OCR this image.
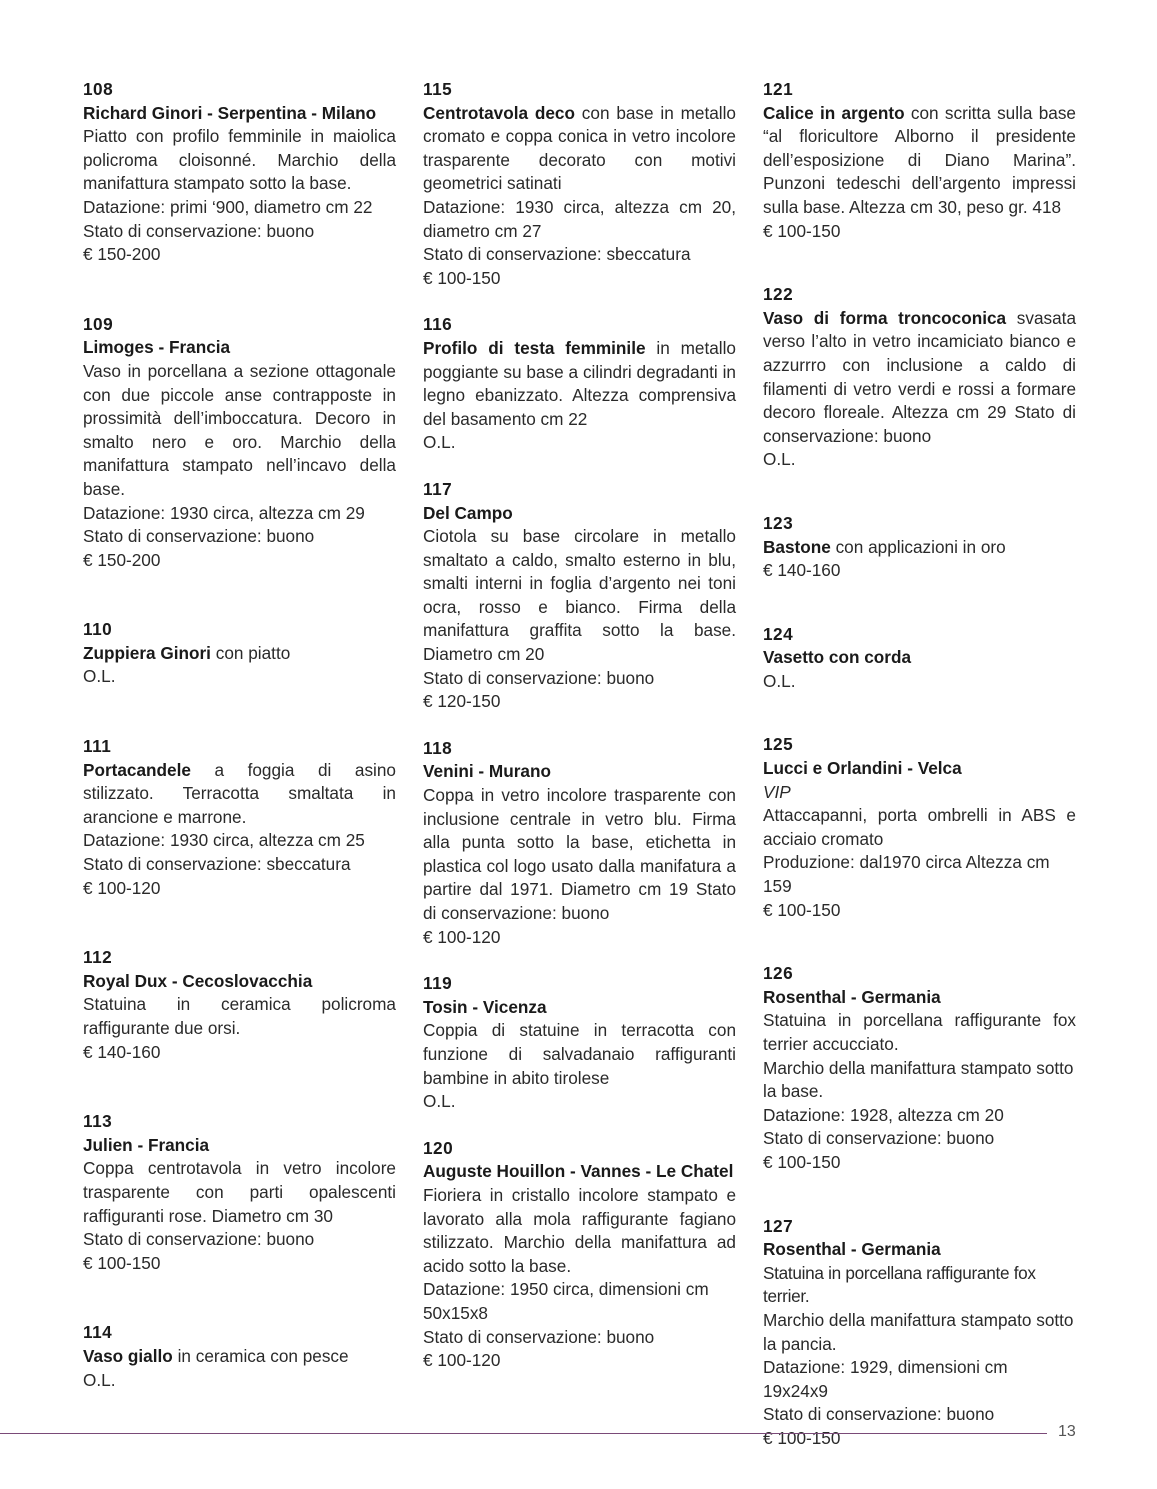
108
Richard Ginori - Serpentina - Milano
Piatto con profilo femminile in maiolica policroma cloisonné. Marchio della manifattura stampato sotto la base.
Datazione: primi ‘900, diametro cm 22
Stato di conservazione: buono
€ 150-200
109
Limoges - Francia
Vaso in porcellana a sezione ottagonale con due piccole anse contrapposte in prossimità dell’imboccatura. Decoro in smalto nero e oro. Marchio della manifattura stampato nell’incavo della base.
Datazione: 1930 circa, altezza cm 29
Stato di conservazione: buono
€ 150-200
110
Zuppiera Ginori con piatto
O.L.
111
Portacandele a foggia di asino stilizzato. Terracotta smaltata in arancione e marrone.
Datazione: 1930 circa, altezza cm 25
Stato di conservazione: sbeccatura
€ 100-120
112
Royal Dux - Cecoslovacchia
Statuina in ceramica policroma raffigurante due orsi.
€ 140-160
113
Julien - Francia
Coppa centrotavola in vetro incolore trasparente con parti opalescenti raffiguranti rose. Diametro cm 30
Stato di conservazione: buono
€ 100-150
114
Vaso giallo in ceramica con pesce
O.L.
115
Centrotavola deco con base in metallo cromato e coppa conica in vetro incolore trasparente decorato con motivi geometrici satinati
Datazione: 1930 circa, altezza cm 20, diametro cm 27
Stato di conservazione: sbeccatura
€ 100-150
116
Profilo di testa femminile in metallo poggiante su base a cilindri degradanti in legno ebanizzato. Altezza comprensiva del basamento cm 22
O.L.
117
Del Campo
Ciotola su base circolare in metallo smaltato a caldo, smalto esterno in blu, smalti interni in foglia d’argento nei toni ocra, rosso e bianco. Firma della manifattura graffita sotto la base. Diametro cm 20
Stato di conservazione: buono
€ 120-150
118
Venini - Murano
Coppa in vetro incolore trasparente con inclusione centrale in vetro blu. Firma alla punta sotto la base, etichetta in plastica col logo usato dalla manifatura a partire dal 1971. Diametro cm 19 Stato di conservazione: buono
€ 100-120
119
Tosin - Vicenza
Coppia di statuine in terracotta con funzione di salvadanaio raffiguranti bambine in abito tirolese
O.L.
120
Auguste Houillon - Vannes - Le Chatel
Fioriera in cristallo incolore stampato e lavorato alla mola raffigurante fagiano stilizzato. Marchio della manifattura ad acido sotto la base.
Datazione: 1950 circa, dimensioni cm 50x15x8
Stato di conservazione: buono
€ 100-120
121
Calice in argento con scritta sulla base “al floricultore Alborno il presidente dell’esposizione di Diano Marina”. Punzoni tedeschi dell’argento impressi sulla base. Altezza cm 30, peso gr. 418
€ 100-150
122
Vaso di forma troncoconica svasata verso l’alto in vetro incamiciato bianco e azzurrro con inclusione a caldo di filamenti di vetro verdi e rossi a formare decoro floreale. Altezza cm 29 Stato di conservazione: buono
O.L.
123
Bastone con applicazioni in oro
€ 140-160
124
Vasetto con corda
O.L.
125
Lucci e Orlandini - Velca
VIP
Attaccapanni, porta ombrelli in ABS e acciaio cromato
Produzione: dal1970 circa Altezza cm 159
€ 100-150
126
Rosenthal - Germania
Statuina in porcellana raffigurante fox terrier accucciato.
Marchio della manifattura stampato sotto la base.
Datazione: 1928, altezza cm 20
Stato di conservazione: buono
€ 100-150
127
Rosenthal - Germania
Statuina in porcellana raffigurante fox terrier.
Marchio della manifattura stampato sotto la pancia.
Datazione: 1929, dimensioni cm 19x24x9
Stato di conservazione: buono
€ 100-150	13
